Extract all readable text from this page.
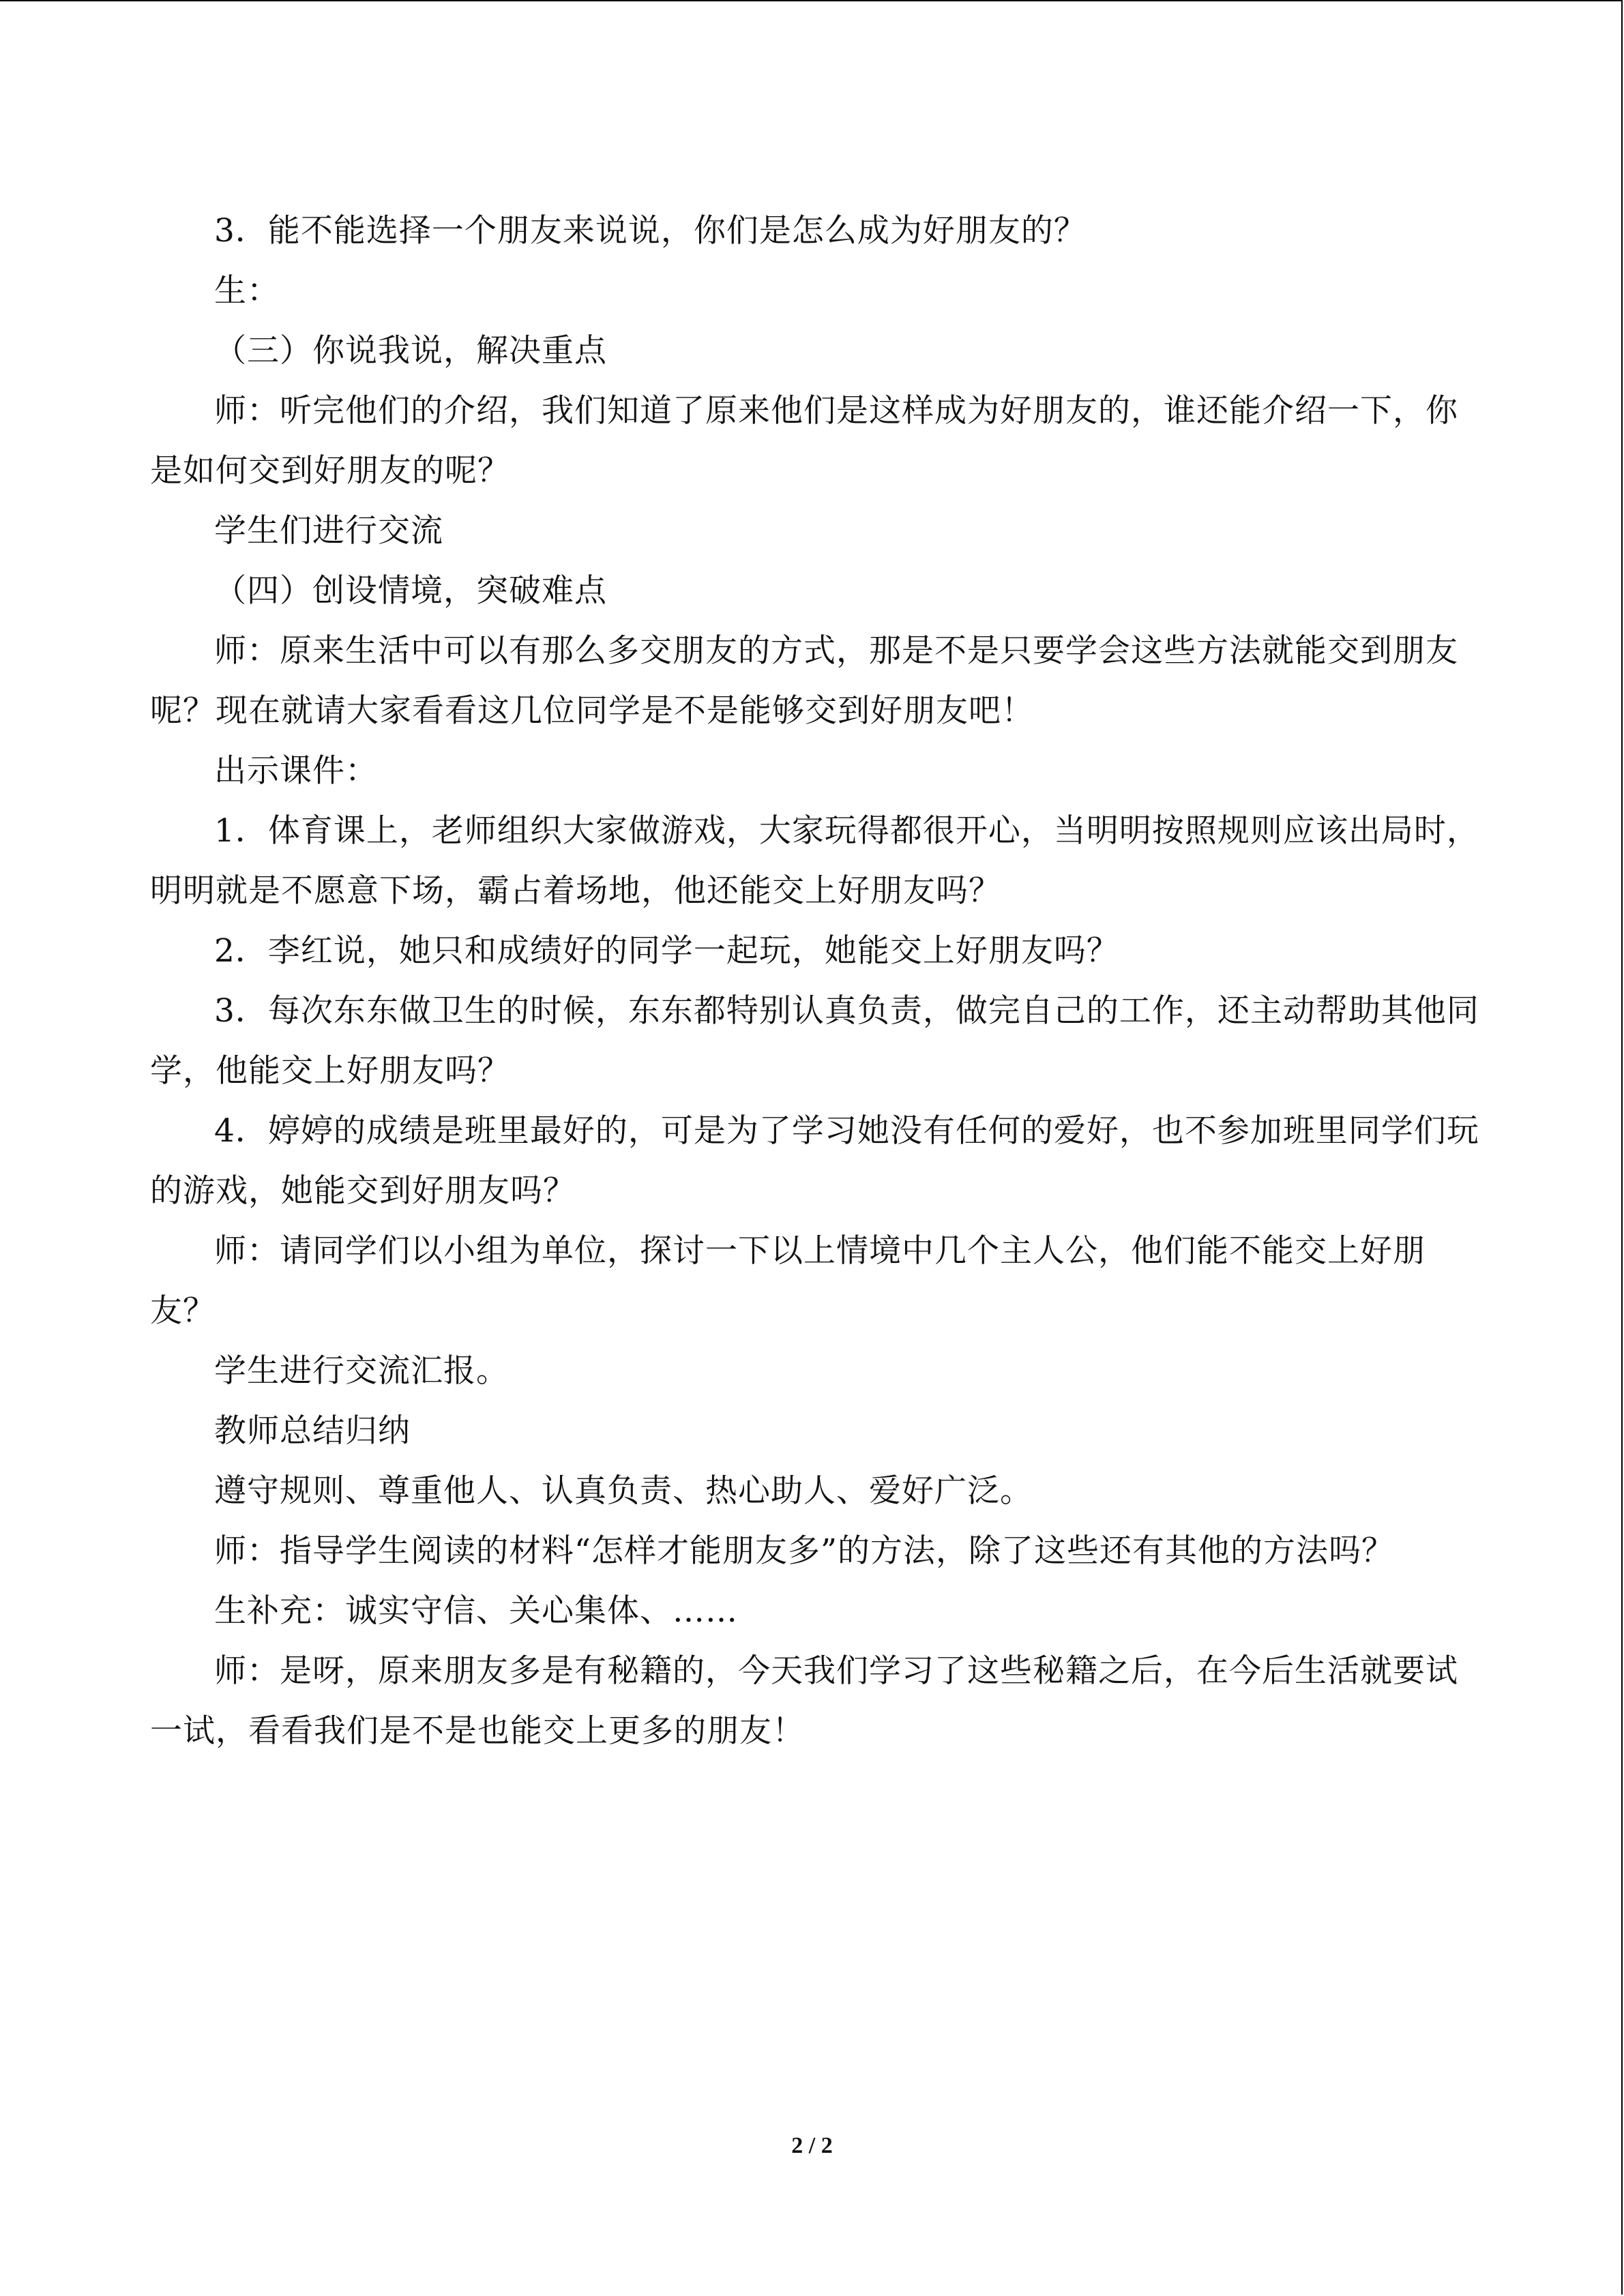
3．能不能选择一个朋友来说说，你们是怎么成为好朋友的？

生：

（三）你说我说，解决重点

师：听完他们的介绍，我们知道了原来他们是这样成为好朋友的，谁还能介绍一下，你是如何交到好朋友的呢？

学生们进行交流

（四）创设情境，突破难点

师：原来生活中可以有那么多交朋友的方式，那是不是只要学会这些方法就能交到朋友呢？现在就请大家看看这几位同学是不是能够交到好朋友吧！

出示课件：

1．体育课上，老师组织大家做游戏，大家玩得都很开心，当明明按照规则应该出局时，明明就是不愿意下场，霸占着场地，他还能交上好朋友吗？

2．李红说，她只和成绩好的同学一起玩，她能交上好朋友吗？

3．每次东东做卫生的时候，东东都特别认真负责，做完自己的工作，还主动帮助其他同学，他能交上好朋友吗？

4．婷婷的成绩是班里最好的，可是为了学习她没有任何的爱好，也不参加班里同学们玩的游戏，她能交到好朋友吗？

师：请同学们以小组为单位，探讨一下以上情境中几个主人公，他们能不能交上好朋友？

学生进行交流汇报。

教师总结归纳

遵守规则、尊重他人、认真负责、热心助人、爱好广泛。

师：指导学生阅读的材料“怎样才能朋友多”的方法，除了这些还有其他的方法吗？

生补充：诚实守信、关心集体、……

师：是呀，原来朋友多是有秘籍的，今天我们学习了这些秘籍之后，在今后生活就要试一试，看看我们是不是也能交上更多的朋友！

2 / 2
